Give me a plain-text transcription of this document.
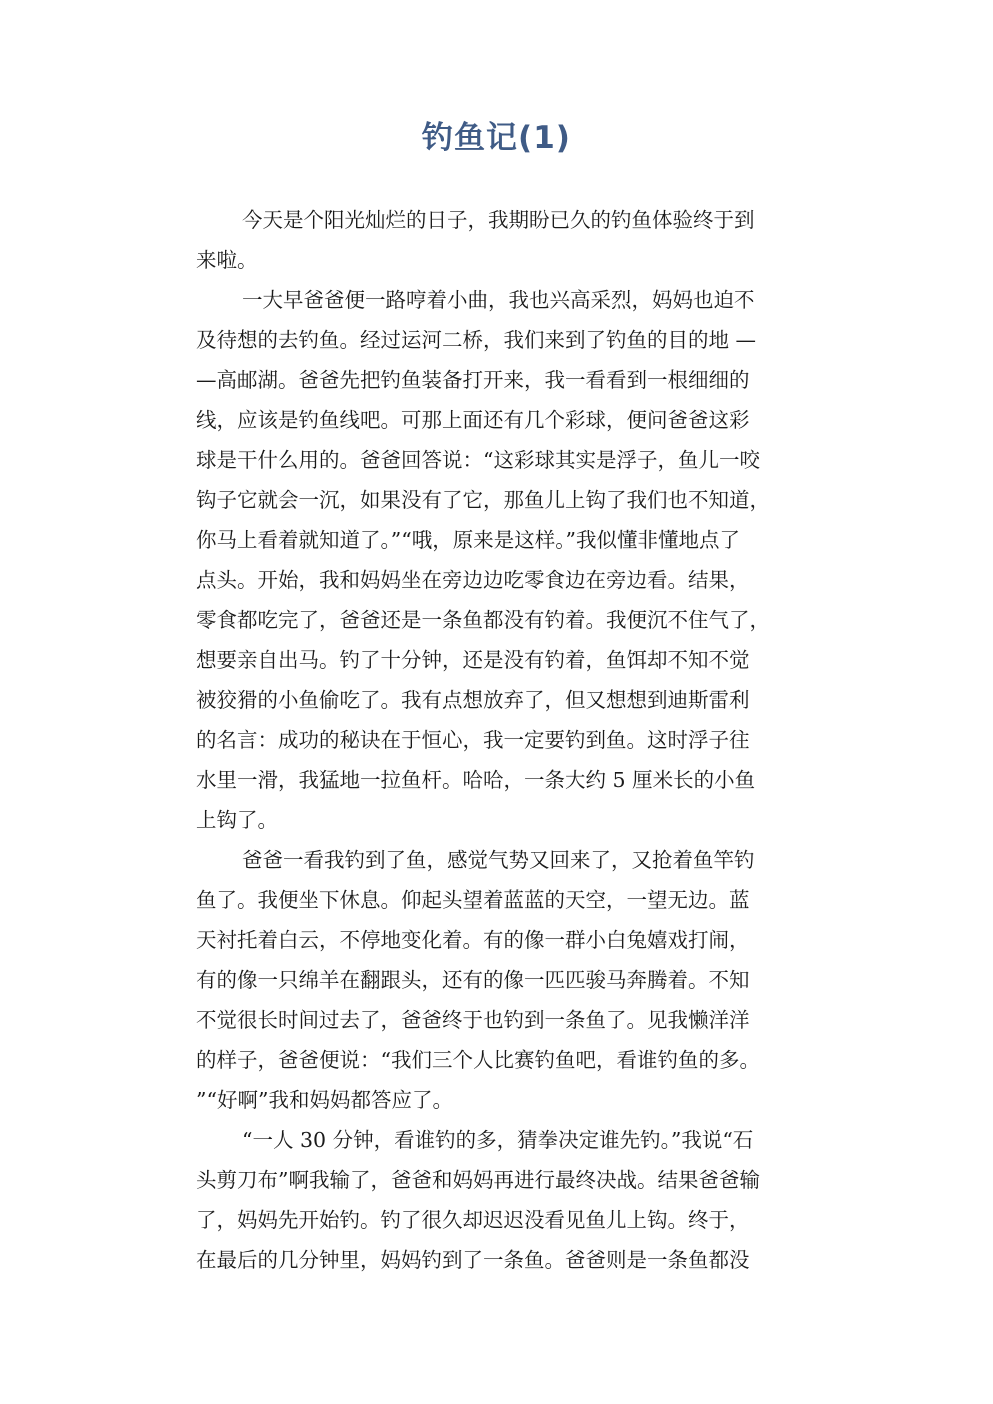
钓鱼记(1)
今天是个阳光灿烂的日子，我期盼已久的钓鱼体验终于到
来啦。
一大早爸爸便一路哼着小曲，我也兴高采烈，妈妈也迫不
及待想的去钓鱼。经过运河二桥，我们来到了钓鱼的目的地 —
—高邮湖。爸爸先把钓鱼装备打开来，我一看看到一根细细的
线，应该是钓鱼线吧。可那上面还有几个彩球，便问爸爸这彩
球是干什么用的。爸爸回答说：“这彩球其实是浮子，鱼儿一咬
钩子它就会一沉，如果没有了它，那鱼儿上钩了我们也不知道，
你马上看着就知道了。”“哦，原来是这样。”我似懂非懂地点了
点头。开始，我和妈妈坐在旁边边吃零食边在旁边看。结果，
零食都吃完了，爸爸还是一条鱼都没有钓着。我便沉不住气了，
想要亲自出马。钓了十分钟，还是没有钓着，鱼饵却不知不觉
被狡猾的小鱼偷吃了。我有点想放弃了，但又想想到迪斯雷利
的名言：成功的秘诀在于恒心，我一定要钓到鱼。这时浮子往
水里一滑，我猛地一拉鱼杆。哈哈，一条大约 5 厘米长的小鱼
上钩了。
爸爸一看我钓到了鱼，感觉气势又回来了，又抢着鱼竿钓
鱼了。我便坐下休息。仰起头望着蓝蓝的天空，一望无边。蓝
天衬托着白云，不停地变化着。有的像一群小白兔嬉戏打闹，
有的像一只绵羊在翻跟头，还有的像一匹匹骏马奔腾着。不知
不觉很长时间过去了，爸爸终于也钓到一条鱼了。见我懒洋洋
的样子，爸爸便说：“我们三个人比赛钓鱼吧，看谁钓鱼的多。
”“好啊”我和妈妈都答应了。
“一人 30 分钟，看谁钓的多，猜拳决定谁先钓。”我说“石
头剪刀布”啊我输了，爸爸和妈妈再进行最终决战。结果爸爸输
了，妈妈先开始钓。钓了很久却迟迟没看见鱼儿上钩。终于，
在最后的几分钟里，妈妈钓到了一条鱼。爸爸则是一条鱼都没
